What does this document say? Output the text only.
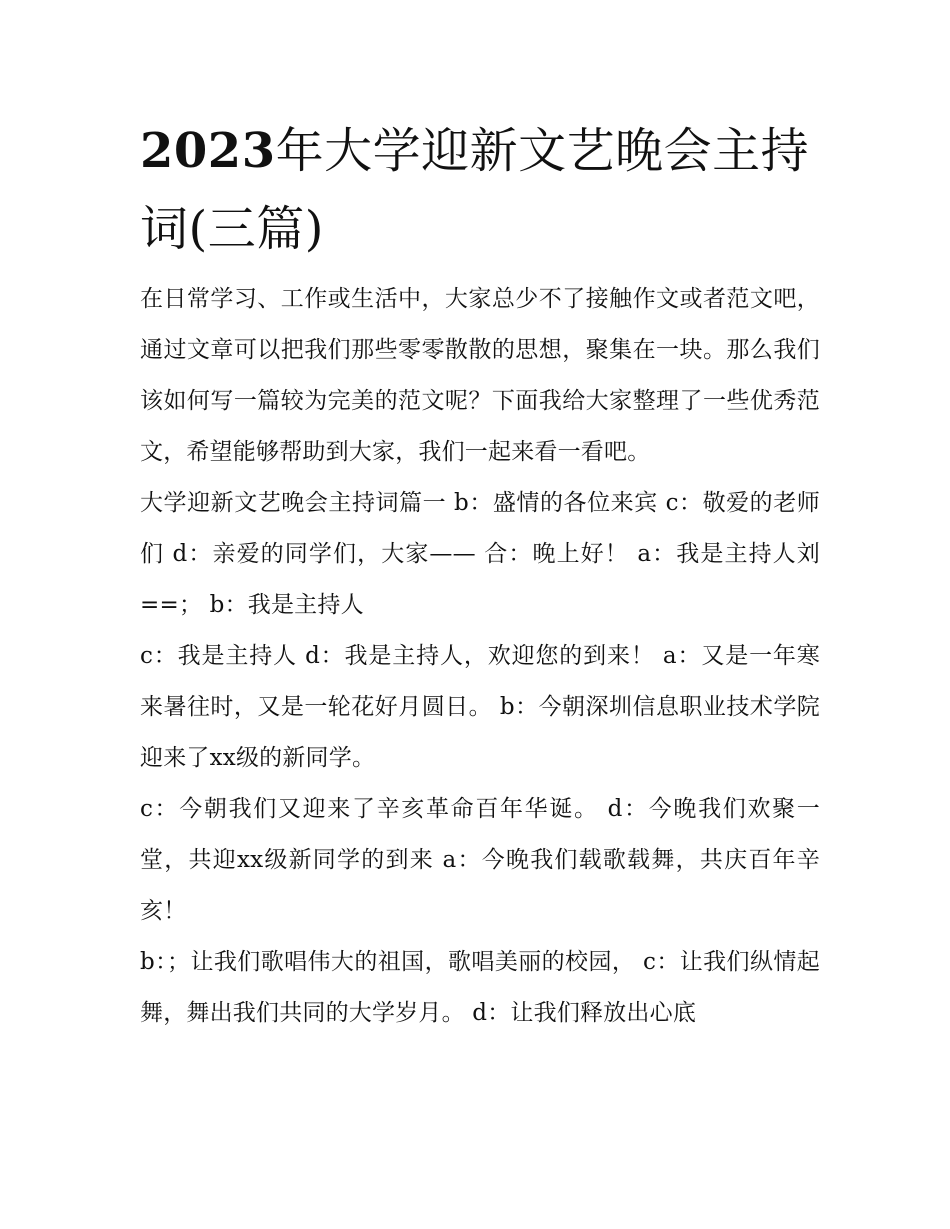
2023年大学迎新文艺晚会主持词(三篇)

在日常学习、工作或生活中，大家总少不了接触作文或者范文吧，通过文章可以把我们那些零零散散的思想，聚集在一块。那么我们该如何写一篇较为完美的范文呢？下面我给大家整理了一些优秀范文，希望能够帮助到大家，我们一起来看一看吧。

大学迎新文艺晚会主持词篇一 b：盛情的各位来宾 c：敬爱的老师们 d：亲爱的同学们，大家—— 合：晚上好！ a：我是主持人刘==； b：我是主持人

c：我是主持人 d：我是主持人，欢迎您的到来！ a：又是一年寒来暑往时，又是一轮花好月圆日。 b：今朝深圳信息职业技术学院迎来了xx级的新同学。

c：今朝我们又迎来了辛亥革命百年华诞。 d：今晚我们欢聚一堂，共迎xx级新同学的到来 a：今晚我们载歌载舞，共庆百年辛亥！

b：；让我们歌唱伟大的祖国，歌唱美丽的校园， c：让我们纵情起舞，舞出我们共同的大学岁月。 d：让我们释放出心底
